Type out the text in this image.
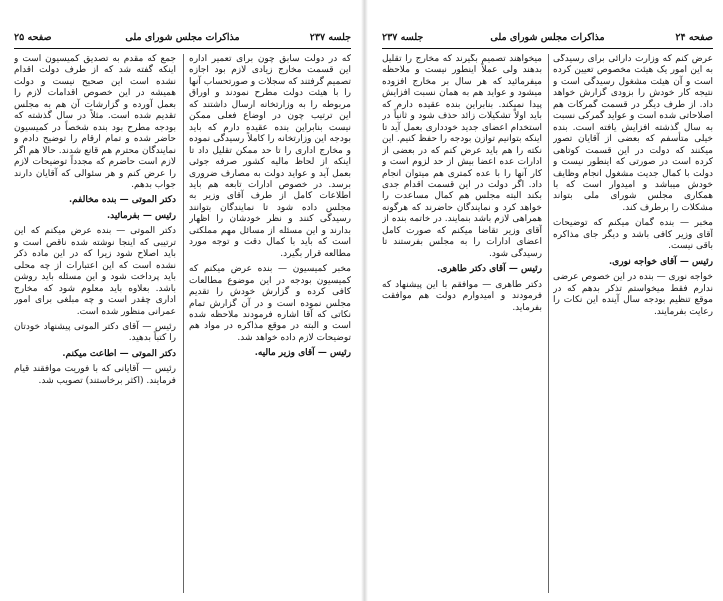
صفحه ۲۵	مذاکرات مجلس شورای ملی	جلسه ۲۳۷

که در دولت سابق چون برای تعمیر اداره این قسمت مخارج زیادی لازم بود اجازه تصمیم گرفتند که سجلات و صورتحساب آنها را با هیئت دولت مطرح نمودند و اوراق مربوطه را به وزارتخانه ارسال داشتند که این ترتیب چون در اوضاع فعلی ممکن نیست بنابراین بنده عقیده دارم که باید بودجه این وزارتخانه را کاملاً رسیدگی نموده و مخارج اداری را تا حد ممکن تقلیل داد تا اینکه از لحاظ مالیه کشور صرفه جوئی بعمل آید و عواید دولت به مصارف ضروری برسد. در خصوص ادارات تابعه هم باید اطلاعات کامل از طرف آقای وزیر به مجلس داده شود تا نمایندگان بتوانند رسیدگی کنند و نظر خودشان را اظهار بدارند و این مسئله از مسائل مهم مملکتی است که باید با کمال دقت و توجه مورد مطالعه قرار بگیرد.

مخبر کمیسیون — بنده عرض میکنم که کمیسیون بودجه در این موضوع مطالعات کافی کرده و گزارش خودش را تقدیم مجلس نموده است و در آن گزارش تمام نکاتی که آقا اشاره فرمودند ملاحظه شده است و البته در موقع مذاکره در مواد هم توضیحات لازم داده خواهد شد.

رئیس — آقای وزیر مالیه.

جمع که مقدم به تصدیق کمیسیون است و اینکه گفته شد که از طرف دولت اقدام نشده است این صحیح نیست و دولت همیشه در این خصوص اقدامات لازم را بعمل آورده و گزارشات آن هم به مجلس تقدیم شده است. مثلاً در سال گذشته که بودجه مطرح بود بنده شخصاً در کمیسیون حاضر شده و تمام ارقام را توضیح دادم و نمایندگان محترم هم قانع شدند. حالا هم اگر لازم است حاضرم که مجدداً توضیحات لازم را عرض کنم و هر سئوالی که آقایان دارند جواب بدهم.

دکتر الموتی — بنده مخالفم.

رئیس — بفرمائید.

دکتر الموتی — بنده عرض میکنم که این ترتیبی که اینجا نوشته شده ناقص است و باید اصلاح شود زیرا که در این ماده ذکر نشده است که این اعتبارات از چه محلی باید پرداخت شود و این مسئله باید روشن باشد. بعلاوه باید معلوم شود که مخارج اداری چقدر است و چه مبلغی برای امور عمرانی منظور شده است.

رئیس — آقای دکتر الموتی پیشنهاد خودتان را کتباً بدهید.

دکتر الموتی — اطاعت میکنم.

رئیس — آقایانی که با فوریت موافقند قیام فرمایند. (اکثر برخاستند) تصویب شد.

جلسه ۲۳۷	مذاکرات مجلس شورای ملی	صفحه ۲۴

عرض کنم که وزارت دارائی برای رسیدگی به این امور یک هیئت مخصوص تعیین کرده است و آن هیئت مشغول رسیدگی است و نتیجه کار خودش را بزودی گزارش خواهد داد. از طرف دیگر در قسمت گمرکات هم اصلاحاتی شده است و عواید گمرکی نسبت به سال گذشته افزایش یافته است. بنده خیلی متأسفم که بعضی از آقایان تصور میکنند که دولت در این قسمت کوتاهی کرده است در صورتی که اینطور نیست و دولت با کمال جدیت مشغول انجام وظایف خودش میباشد و امیدوار است که با همکاری مجلس شورای ملی بتواند مشکلات را برطرف کند.

مخبر — بنده گمان میکنم که توضیحات آقای وزیر کافی باشد و دیگر جای مذاکره باقی نیست.

رئیس — آقای خواجه نوری.

خواجه نوری — بنده در این خصوص عرضی ندارم فقط میخواستم تذکر بدهم که در موقع تنظیم بودجه سال آینده این نکات را رعایت بفرمایند.

میخواهند تصمیم بگیرند که مخارج را تقلیل بدهند ولی عملاً اینطور نیست و ملاحظه میفرمائید که هر سال بر مخارج افزوده میشود و عواید هم به همان نسبت افزایش پیدا نمیکند. بنابراین بنده عقیده دارم که باید اولاً تشکیلات زائد حذف شود و ثانیاً در استخدام اعضای جدید خودداری بعمل آید تا اینکه بتوانیم توازن بودجه را حفظ کنیم. این نکته را هم باید عرض کنم که در بعضی از ادارات عده اعضا بیش از حد لزوم است و کار آنها را با عده کمتری هم میتوان انجام داد. اگر دولت در این قسمت اقدام جدی بکند البته مجلس هم کمال مساعدت را خواهد کرد و نمایندگان حاضرند که هرگونه همراهی لازم باشد بنمایند. در خاتمه بنده از آقای وزیر تقاضا میکنم که صورت کامل اعضای ادارات را به مجلس بفرستند تا رسیدگی شود.

رئیس — آقای دکتر طاهری.

دکتر طاهری — موافقم با این پیشنهاد که فرمودند و امیدوارم دولت هم موافقت بفرماید.
